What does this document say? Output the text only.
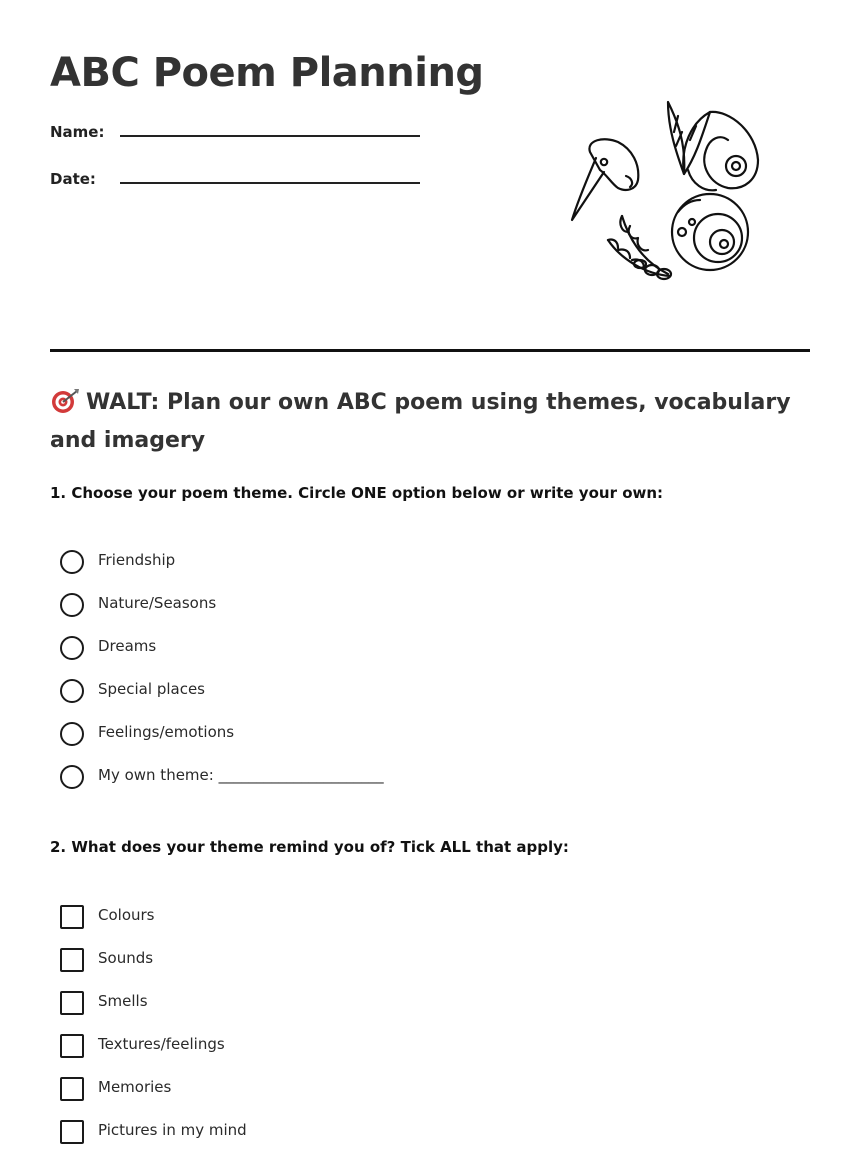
ABC Poem Planning
Name:
Date:
WALT: Plan our own ABC poem using themes, vocabulary and imagery

1. Choose your poem theme. Circle ONE option below or write your own:

Friendship
Nature/Seasons
Dreams
Special places
Feelings/emotions
My own theme: ______________________

2. What does your theme remind you of? Tick ALL that apply:

Colours
Sounds
Smells
Textures/feelings
Memories
Pictures in my mind
